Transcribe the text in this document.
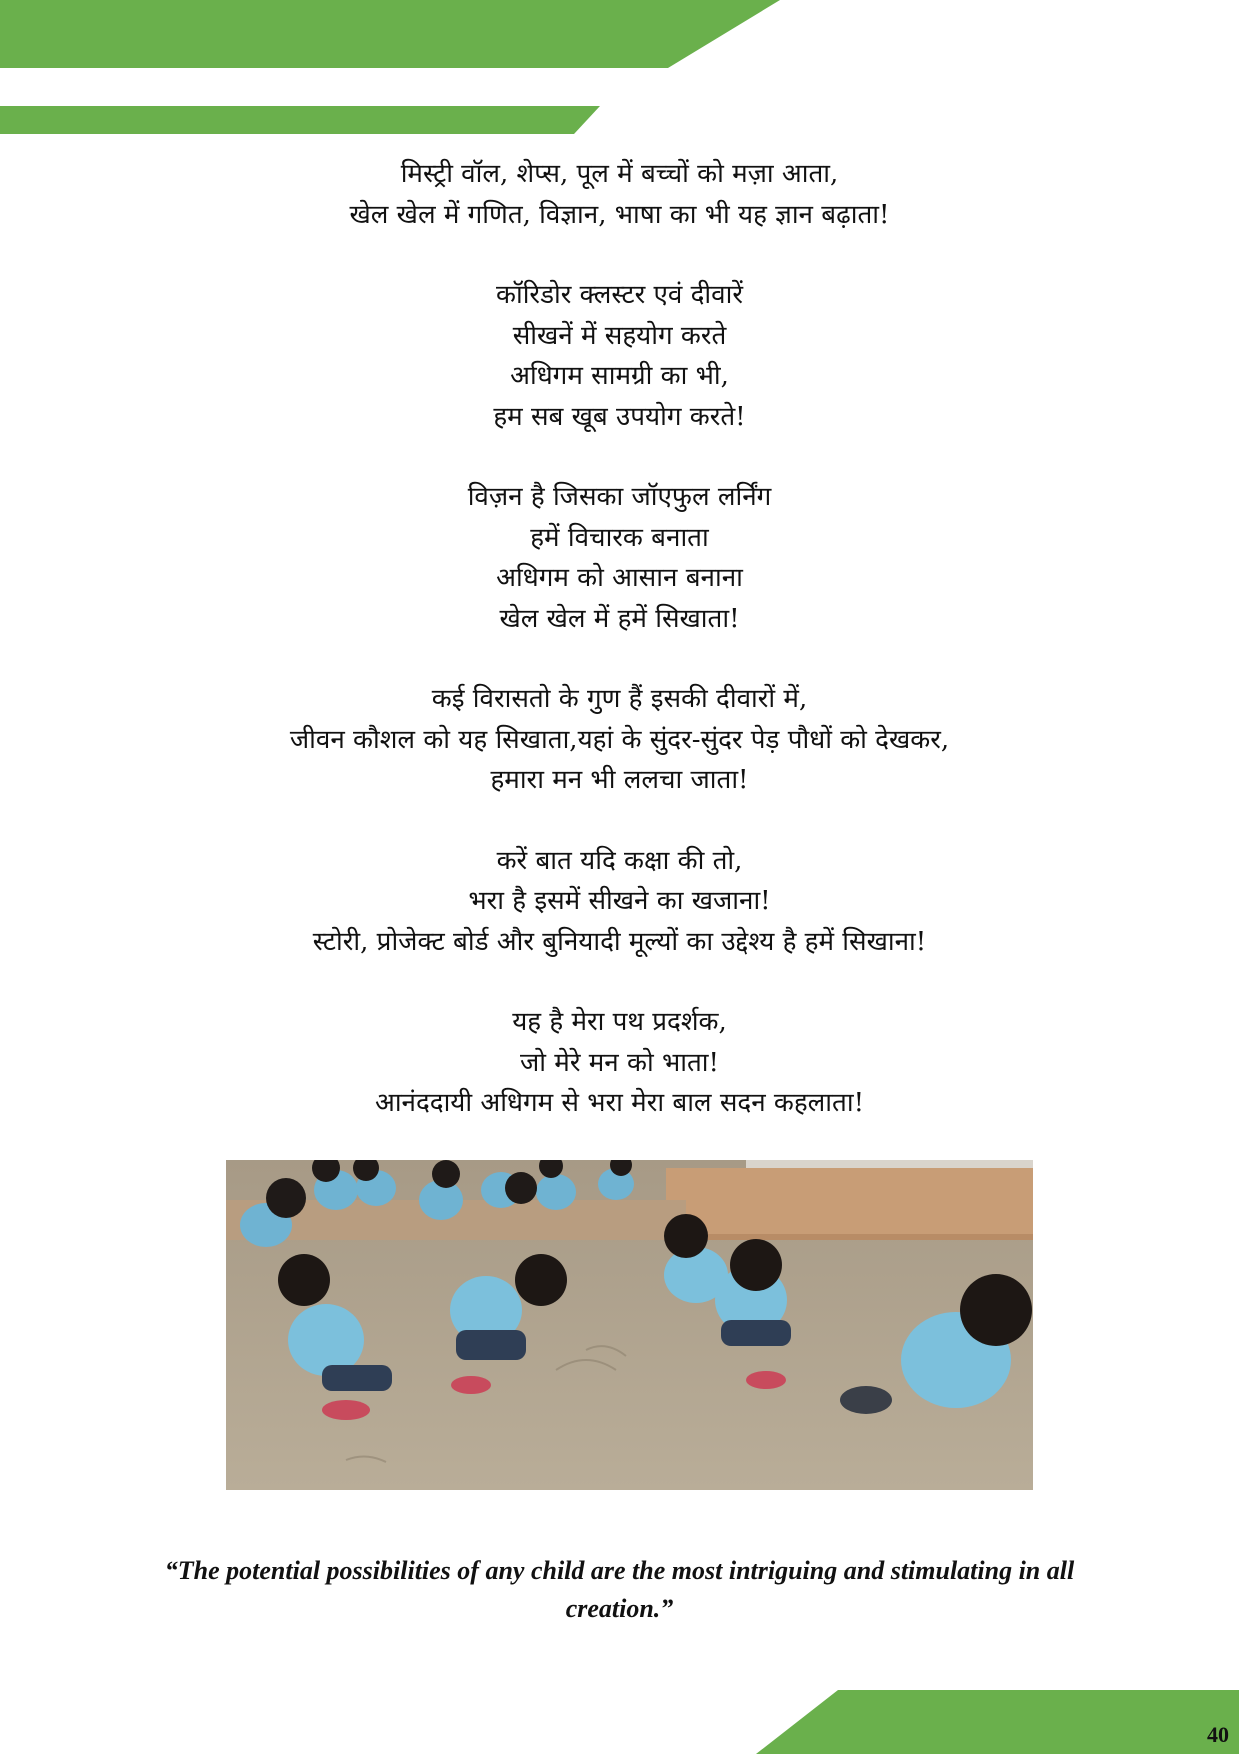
मिस्ट्री वॉल, शेप्स, पूल में बच्चों को मज़ा आता,
खेल खेल में गणित, विज्ञान, भाषा का भी यह ज्ञान बढ़ाता!
कॉरिडोर क्लस्टर एवं दीवारें
सीखनें में सहयोग करते
अधिगम सामग्री का भी,
हम सब खूब उपयोग करते!
विज़न है जिसका जॉएफुल लर्निंग
हमें विचारक बनाता
अधिगम को आसान बनाना
खेल खेल में हमें सिखाता!
कई विरासतो के गुण हैं इसकी दीवारों में,
जीवन कौशल को यह सिखाता,यहां के सुंदर-सुंदर पेड़ पौधों को देखकर,
हमारा मन भी ललचा जाता!
करें बात यदि कक्षा की तो,
भरा है इसमें सीखने का खजाना!
स्टोरी, प्रोजेक्ट बोर्ड और बुनियादी मूल्यों का उद्देश्य है हमें सिखाना!
यह है मेरा पथ प्रदर्शक,
जो मेरे मन को भाता!
आनंददायी अधिगम से भरा मेरा बाल सदन कहलाता!
“The potential possibilities of any child are the most intriguing and stimulating in all
creation.”
40
